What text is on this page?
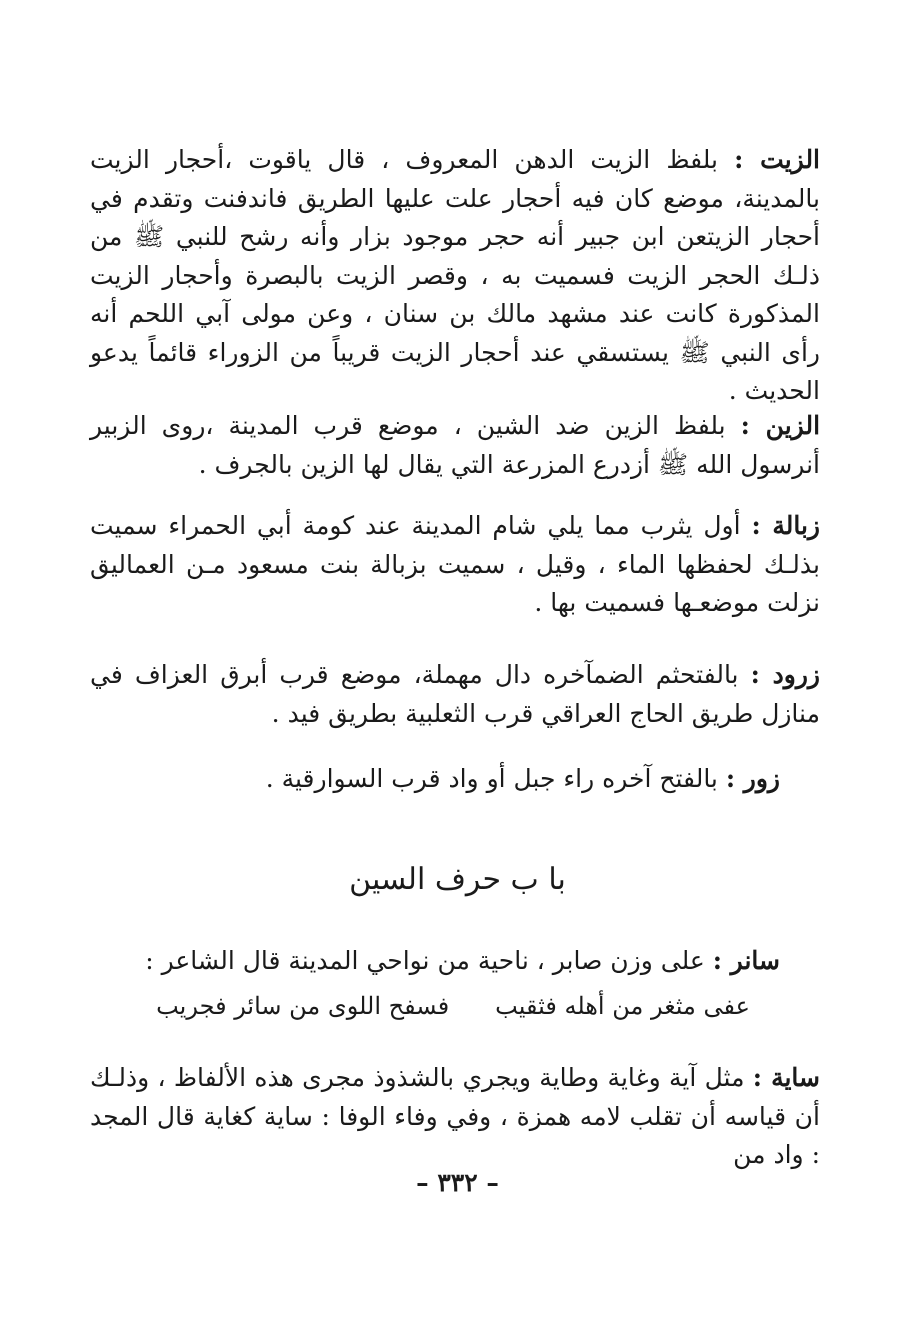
الزيت : بلفظ الزيت الدهن المعروف ، قال ياقوت ،أحجار الزيت بالمدينة، موضع كان فيه أحجار علت عليها الطريق فاندفنت وتقدم في أحجار الزيتعن ابن جبير أنه حجر موجود بزار وأنه رشح للنبي ﷺ من ذلـك الحجر الزيت فسميت به ، وقصر الزيت بالبصرة وأحجار الزيت المذكورة كانت عند مشهد مالك بن سنان ، وعن مولى آبي اللحم أنه رأى النبي ﷺ يستسقي عند أحجار الزيت قريباً من الزوراء قائماً يدعو الحديث .

الزين : بلفظ الزين ضد الشين ، موضع قرب المدينة ،روى الزبير أنرسول الله ﷺ أزدرع المزرعة التي يقال لها الزين بالجرف .

زبالة : أول يثرب مما يلي شام المدينة عند كومة أبي الحمراء سميت بذلـك لحفظها الماء ، وقيل ، سميت بزبالة بنت مسعود مـن العماليق نزلت موضعـها فسميت بها .

زرود : بالفتحثم الضمآخره دال مهملة، موضع قرب أبرق العزاف في منازل طريق الحاج العراقي قرب الثعلبية بطريق فيد .

زور : بالفتح آخره راء جبل أو واد قرب السوارقية .

با ب حرف السين

سانر : على وزن صابر ، ناحية من نواحي المدينة قال الشاعر :

عفى مثغر من أهله فثقيبفسفح اللوى من سائر فجريب

ساية : مثل آية وغاية وطاية ويجري بالشذوذ مجرى هذه الألفاظ ، وذلـك أن قياسه أن تقلب لامه همزة ، وفي وفاء الوفا : ساية كغاية قال المجد : واد من

– ٣٣٢ –
